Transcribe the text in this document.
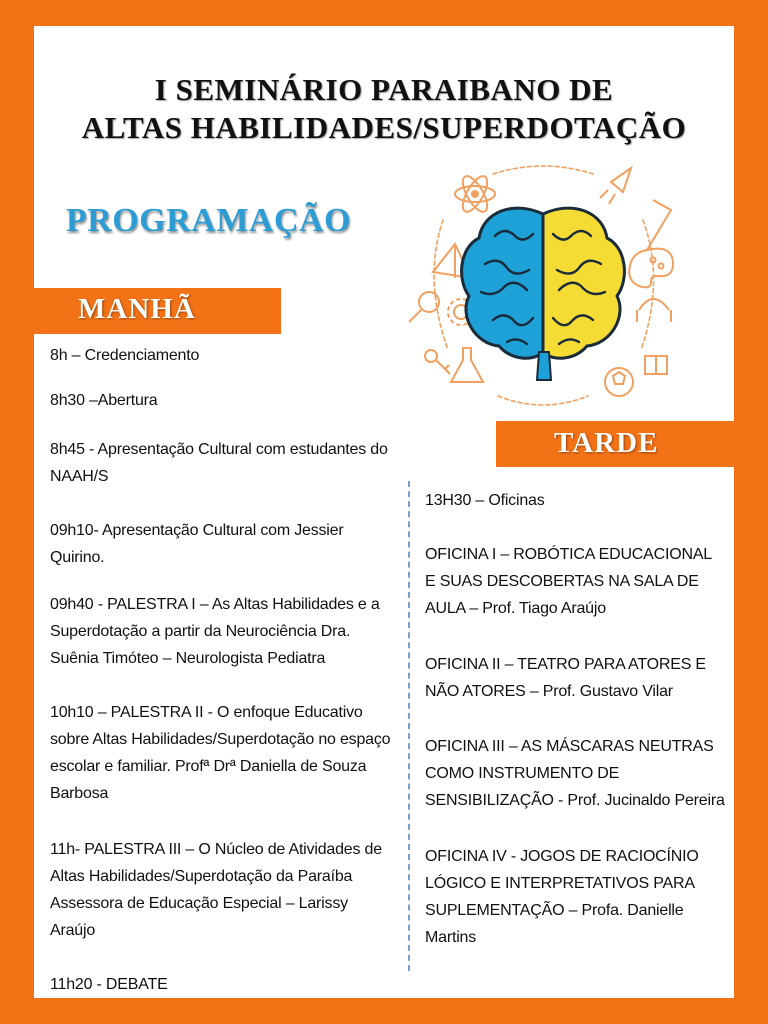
I SEMINÁRIO PARAIBANO DE
ALTAS HABILIDADES/SUPERDOTAÇÃO
PROGRAMAÇÃO
MANHÃ
TARDE
8h – Credenciamento
8h30 –Abertura
8h45 - Apresentação Cultural com estudantes do NAAH/S
09h10- Apresentação Cultural com Jessier Quirino.
09h40 - PALESTRA I – As Altas Habilidades e a Superdotação a partir da Neurociência Dra. Suênia Timóteo – Neurologista Pediatra
10h10 – PALESTRA II - O enfoque Educativo sobre Altas Habilidades/Superdotação no espaço escolar e familiar. Profª Drª Daniella de Souza Barbosa
11h- PALESTRA III – O Núcleo de Atividades de Altas Habilidades/Superdotação da Paraíba Assessora de Educação Especial – Larissy Araújo
11h20 - DEBATE
13H30 – Oficinas
OFICINA I – ROBÓTICA EDUCACIONAL E SUAS DESCOBERTAS NA SALA DE AULA – Prof. Tiago Araújo
OFICINA II – TEATRO PARA ATORES E NÃO ATORES – Prof. Gustavo Vilar
OFICINA III – AS MÁSCARAS NEUTRAS COMO INSTRUMENTO DE SENSIBILIZAÇÃO - Prof. Jucinaldo Pereira
OFICINA IV - JOGOS DE RACIOCÍNIO LÓGICO E INTERPRETATIVOS PARA SUPLEMENTAÇÃO – Profa. Danielle Martins
